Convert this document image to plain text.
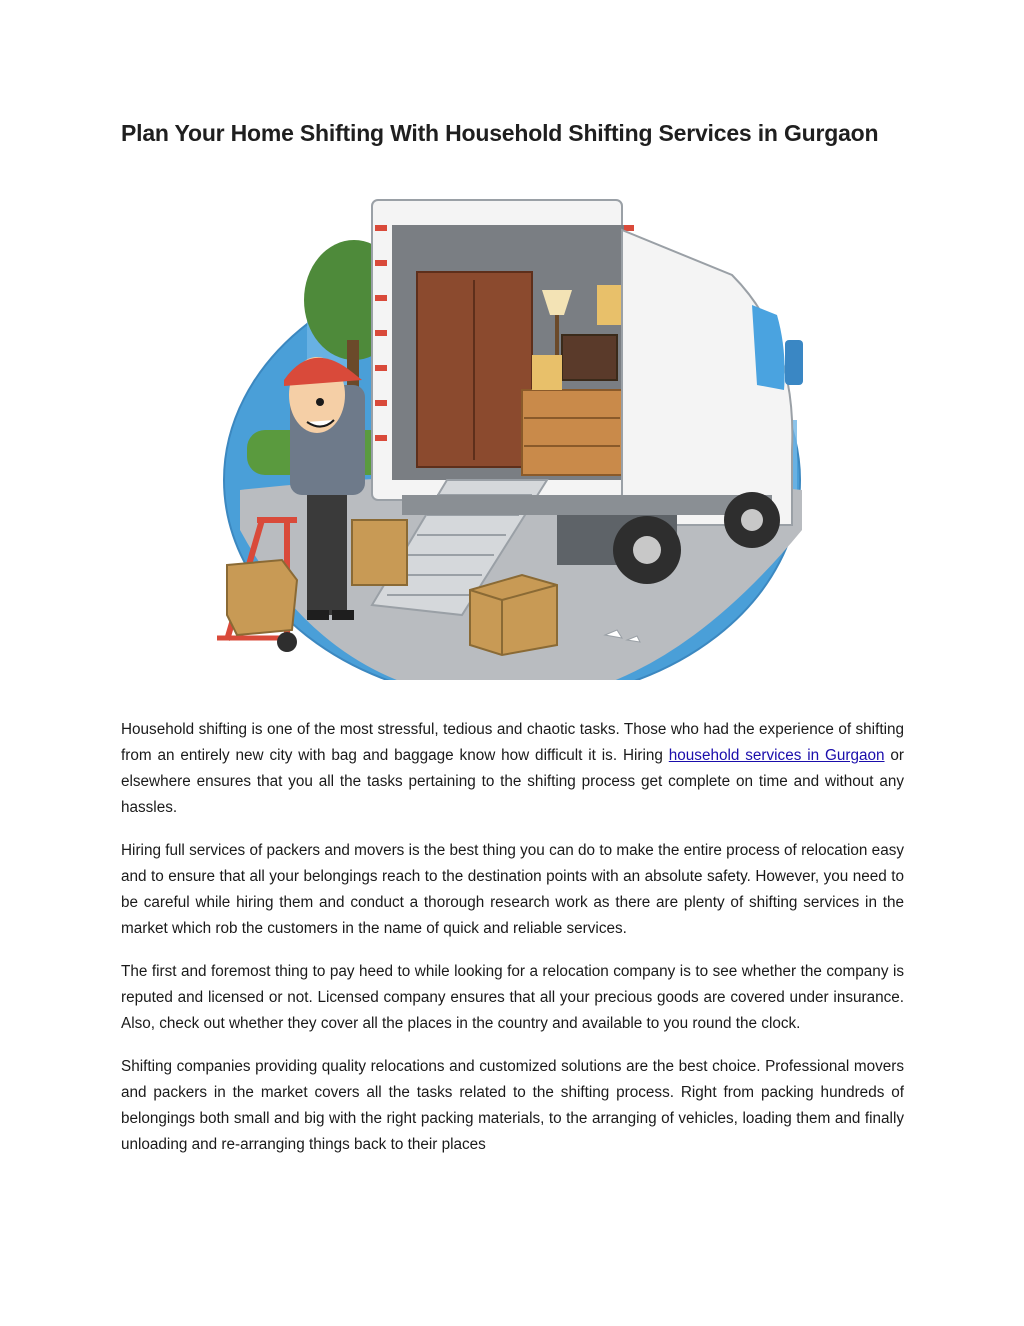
Plan Your Home Shifting With Household Shifting Services in Gurgaon

Household shifting is one of the most stressful, tedious and chaotic tasks. Those who had the experience of shifting from an entirely new city with bag and baggage know how difficult it is. Hiring household services in Gurgaon or elsewhere ensures that you all the tasks pertaining to the shifting process get complete on time and without any hassles.

Hiring full services of packers and movers is the best thing you can do to make the entire process of relocation easy and to ensure that all your belongings reach to the destination points with an absolute safety. However, you need to be careful while hiring them and conduct a thorough research work as there are plenty of shifting services in the market which rob the customers in the name of quick and reliable services.

The first and foremost thing to pay heed to while looking for a relocation company is to see whether the company is reputed and licensed or not. Licensed company ensures that all your precious goods are covered under insurance. Also, check out whether they cover all the places in the country and available to you round the clock.

Shifting companies providing quality relocations and customized solutions are the best choice. Professional movers and packers in the market covers all the tasks related to the shifting process. Right from packing hundreds of belongings both small and big with the right packing materials, to the arranging of vehicles, loading them and finally unloading and re-arranging things back to their places
